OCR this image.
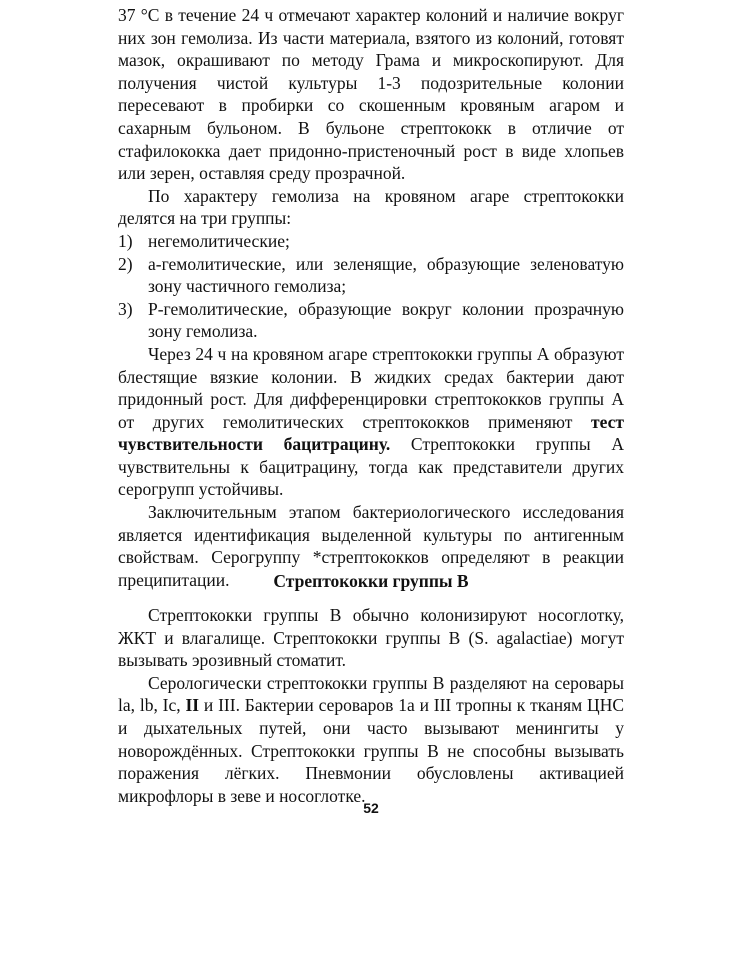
37 °С в течение 24 ч отмечают характер колоний и наличие вокруг них зон гемолиза. Из части материала, взятого из колоний, готовят мазок, окрашивают по методу Грама и микроскопируют. Для получения чистой культуры 1-3 подозрительные колонии пересевают в пробирки со скошенным кровяным агаром и сахарным бульоном. В бульоне стрептококк в отличие от стафилококка дает придонно-пристеночный рост в виде хлопьев или зерен, оставляя среду прозрачной.

По характеру гемолиза на кровяном агаре стрептококки делятся на три группы:

1) негемолитические;
2) а-гемолитические, или зеленящие, образующие зеленоватую зону частичного гемолиза;
3) Р-гемолитические, образующие вокруг колонии прозрачную зону гемолиза.

Через 24 ч на кровяном агаре стрептококки группы А образуют блестящие вязкие колонии. В жидких средах бактерии дают придонный рост. Для дифференцировки стрептококков группы А от других гемолитических стрептококков применяют тест чувствительности бацитрацину. Стрептококки группы А чувствительны к бацитрацину, тогда как представители других серогрупп устойчивы.

Заключительным этапом бактериологического исследования является идентификация выделенной культуры по антигенным свойствам. Серогруппу *стрептококков определяют в реакции преципитации.	Стрептококки группы В

Стрептококки группы В обычно колонизируют носоглотку, ЖКТ и влагалище. Стрептококки группы В (S. agalactiae) могут вызывать эрозивный стоматит.

Серологически стрептококки группы В разделяют на серовары la, lb, Ic, II и III. Бактерии сероваров 1a и III тропны к тканям ЦНС и дыхательных путей, они часто вызывают менингиты у новорождённых. Стрептококки группы В не способны вызывать поражения лёгких. Пневмонии обусловлены активацией микрофлоры в зеве и носоглотке.

52
